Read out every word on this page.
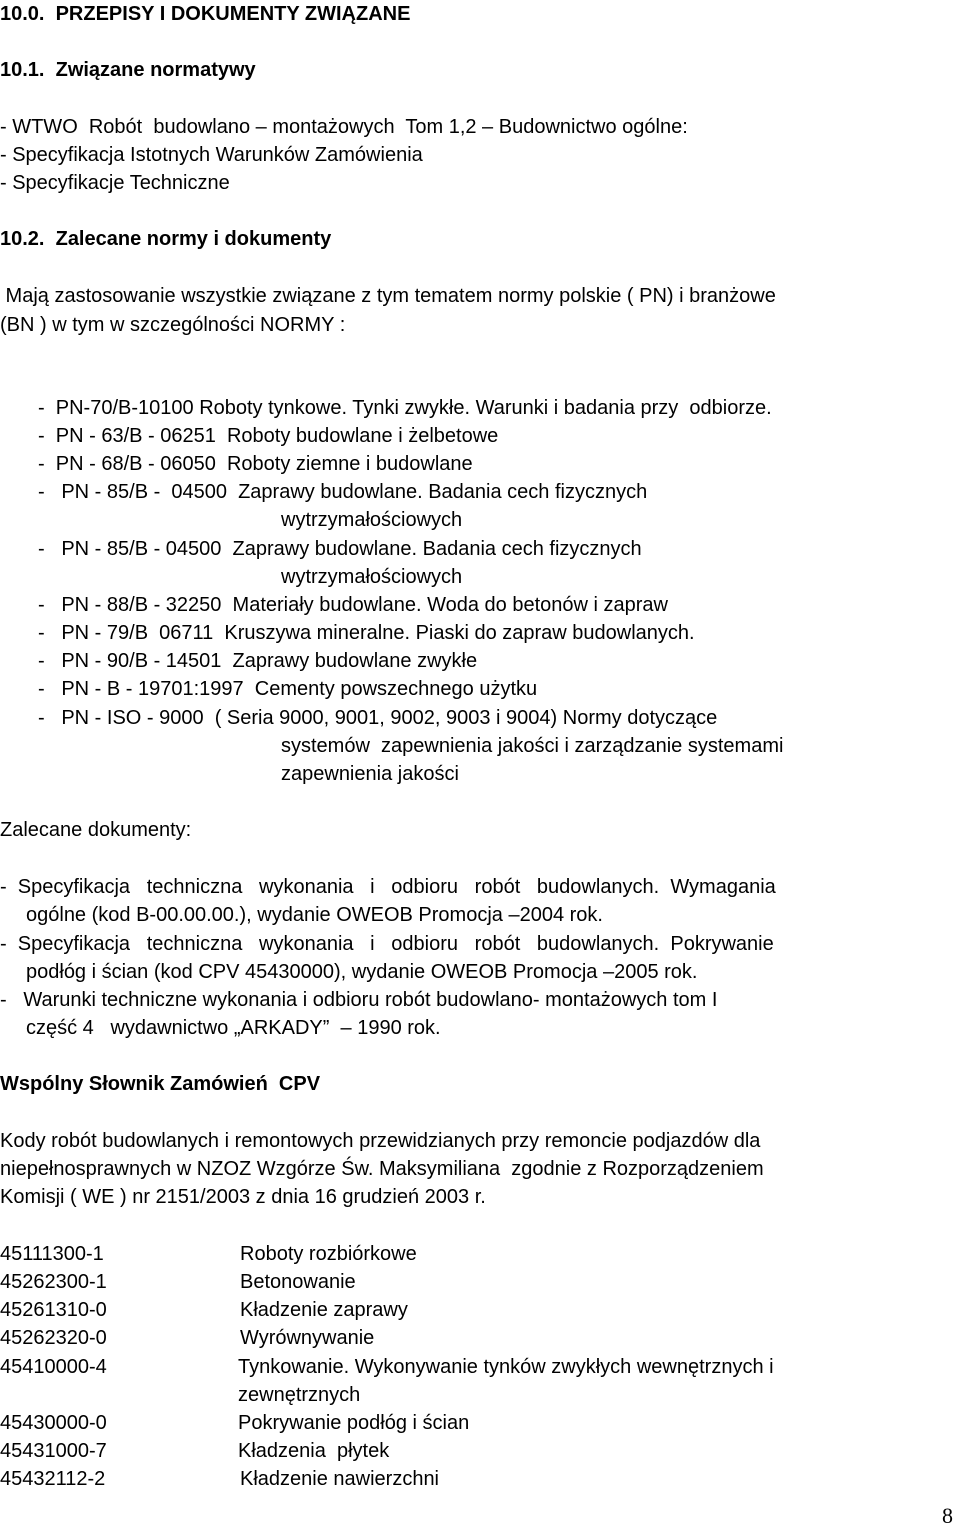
10.0.  PRZEPISY I DOKUMENTY ZWIĄZANE
10.1.  Związane normatywy
- WTWO  Robót  budowlano – montażowych  Tom 1,2 – Budownictwo ogólne:
- Specyfikacja Istotnych Warunków Zamówienia
- Specyfikacje Techniczne
10.2.  Zalecane normy i dokumenty
Mają zastosowanie wszystkie związane z tym tematem normy polskie ( PN) i branżowe
(BN ) w tym w szczególności NORMY :
-  PN-70/B-10100 Roboty tynkowe. Tynki zwykłe. Warunki i badania przy  odbiorze.
-  PN - 63/B - 06251  Roboty budowlane i żelbetowe
-  PN - 68/B - 06050  Roboty ziemne i budowlane
-   PN - 85/B -  04500  Zaprawy budowlane. Badania cech fizycznych
wytrzymałościowych
-   PN - 85/B - 04500  Zaprawy budowlane. Badania cech fizycznych
wytrzymałościowych
-   PN - 88/B - 32250  Materiały budowlane. Woda do betonów i zapraw
-   PN - 79/B  06711  Kruszywa mineralne. Piaski do zapraw budowlanych.
-   PN - 90/B - 14501  Zaprawy budowlane zwykłe
-   PN - B - 19701:1997  Cementy powszechnego użytku
-   PN - ISO - 9000  ( Seria 9000, 9001, 9002, 9003 i 9004) Normy dotyczące
systemów  zapewnienia jakości i zarządzanie systemami
zapewnienia jakości
Zalecane dokumenty:
-  Specyfikacja   techniczna   wykonania   i   odbioru   robót   budowlanych.  Wymagania
ogólne (kod B-00.00.00.), wydanie OWEOB Promocja –2004 rok.
-  Specyfikacja   techniczna   wykonania   i   odbioru   robót   budowlanych.  Pokrywanie
podłóg i ścian (kod CPV 45430000), wydanie OWEOB Promocja –2005 rok.
-   Warunki techniczne wykonania i odbioru robót budowlano- montażowych tom I
część 4   wydawnictwo „ARKADY”  – 1990 rok.
Wspólny Słownik Zamówień  CPV
Kody robót budowlanych i remontowych przewidzianych przy remoncie podjazdów dla
niepełnosprawnych w NZOZ Wzgórze Św. Maksymiliana  zgodnie z Rozporządzeniem
Komisji ( WE ) nr 2151/2003 z dnia 16 grudzień 2003 r.
45111300-1	Roboty rozbiórkowe
45262300-1	Betonowanie
45261310-0	Kładzenie zaprawy
45262320-0	Wyrównywanie
45410000-4	Tynkowanie. Wykonywanie tynków zwykłych wewnętrznych i
zewnętrznych
45430000-0	Pokrywanie podłóg i ścian
45431000-7	Kładzenia  płytek
45432112-2	Kładzenie nawierzchni
8
